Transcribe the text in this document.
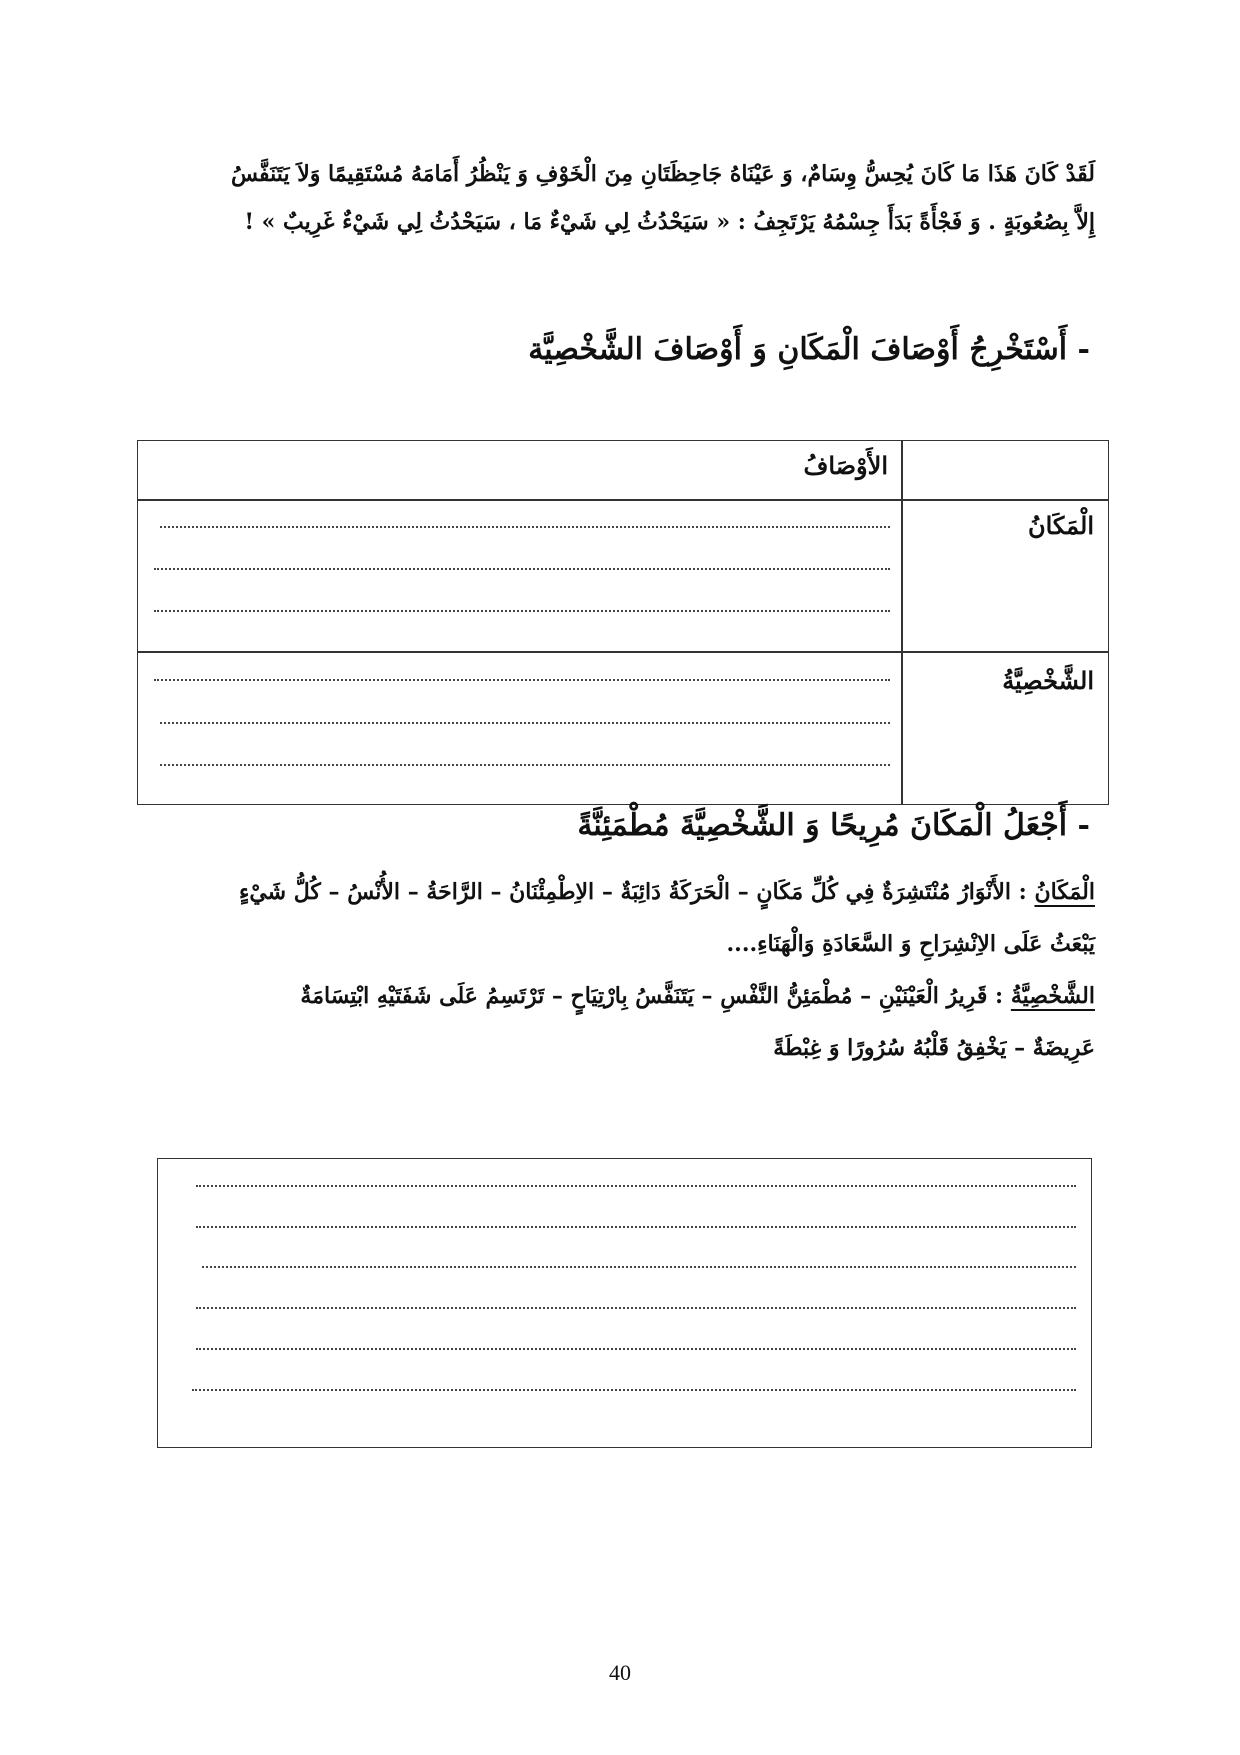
لَقَدْ كَانَ هَذَا مَا كَانَ يُحِسُّ وِسَامٌ، وَ عَيْنَاهُ جَاحِظَتَانِ مِنَ الْخَوْفِ وَ يَنْظُرُ أَمَامَهُ مُسْتَقِيمًا وَلاَ يَتَنَفَّسُ
إِلاَّ بِصُعُوبَةٍ . وَ فَجْأَةً بَدَأَ جِسْمُهُ يَرْتَجِفُ : « سَيَحْدُثُ لِي شَيْءٌ مَا ، سَيَحْدُثُ لِي شَيْءٌ غَرِيبٌ » !
- أَسْتَخْرِجُ أَوْصَافَ الْمَكَانِ وَ أَوْصَافَ الشَّخْصِيَّة
الأَوْصَافُ
الْمَكَانُ
الشَّخْصِيَّةُ
- أَجْعَلُ الْمَكَانَ مُرِيحًا وَ الشَّخْصِيَّةَ مُطْمَئِنَّةً
الْمَكَانُ : الأَنْوَارُ مُنْتَشِرَةٌ فِي كُلِّ مَكَانٍ – الْحَرَكَةُ دَائِبَةٌ – الاِطْمِئْنَانُ – الرَّاحَةُ – الأُنْسُ – كُلُّ شَيْءٍ
يَبْعَثُ عَلَى الاِنْشِرَاحِ وَ السَّعَادَةِ وَالْهَنَاءِ....
الشَّخْصِيَّةُ : قَرِيرُ الْعَيْنَيْنِ – مُطْمَئِنُّ النَّفْسِ – يَتَنَفَّسُ بِارْتِيَاحٍ – تَرْتَسِمُ عَلَى شَفَتَيْهِ ابْتِسَامَةٌ
عَرِيضَةٌ – يَخْفِقُ قَلْبُهُ سُرُورًا وَ غِبْطَةً
40
